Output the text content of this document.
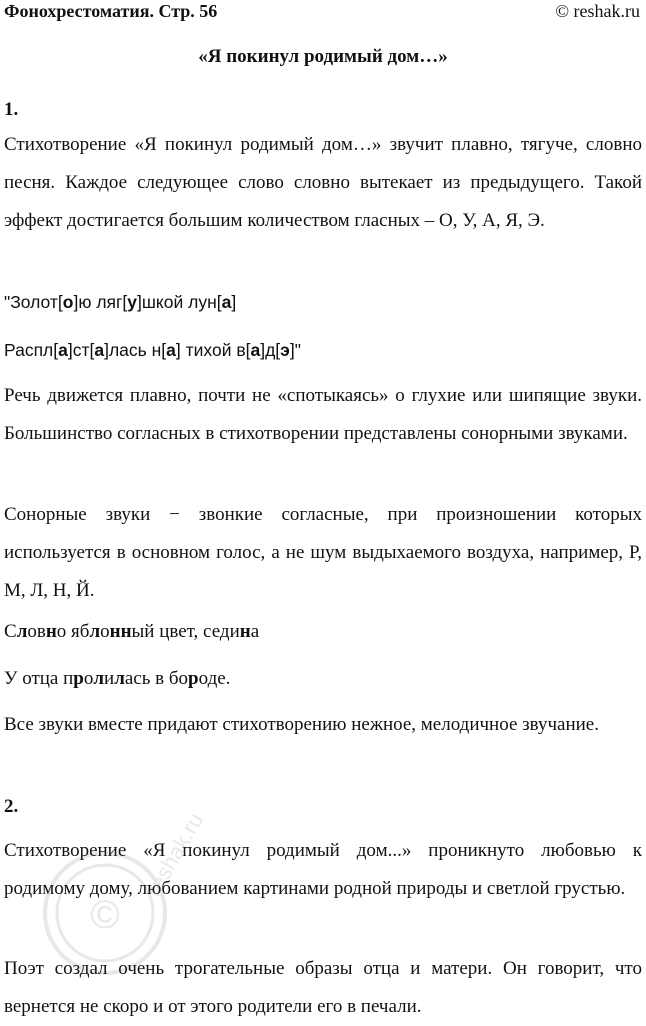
Фонохрестоматия. Стр. 56	© reshak.ru
«Я покинул родимый дом…»
1.
Стихотворение «Я покинул родимый дом…» звучит плавно, тягуче, словно песня. Каждое следующее слово словно вытекает из предыдущего. Такой эффект достигается большим количеством гласных – О, У, А, Я, Э.
"Золот[о]ю ляг[у]шкой лун[а]
Распл[а]ст[а]лась н[а] тихой в[а]д[э]"
Речь движется плавно, почти не «спотыкаясь» о глухие или шипящие звуки. Большинство согласных в стихотворении представлены сонорными звуками.
Сонорные звуки − звонкие согласные, при произношении которых используется в основном голос, а не шум выдыхаемого воздуха, например, Р, М, Л, Н, Й.
Словно яблонный цвет, седина
У отца пролилась в бороде.
Все звуки вместе придают стихотворению нежное, мелодичное звучание.
2.
Стихотворение «Я покинул родимый дом...» проникнуто любовью к родимому дому, любованием картинами родной природы и светлой грустью.
Поэт создал очень трогательные образы отца и матери. Он говорит, что вернется не скоро и от этого родители его в печали.
©
reshak.ru
